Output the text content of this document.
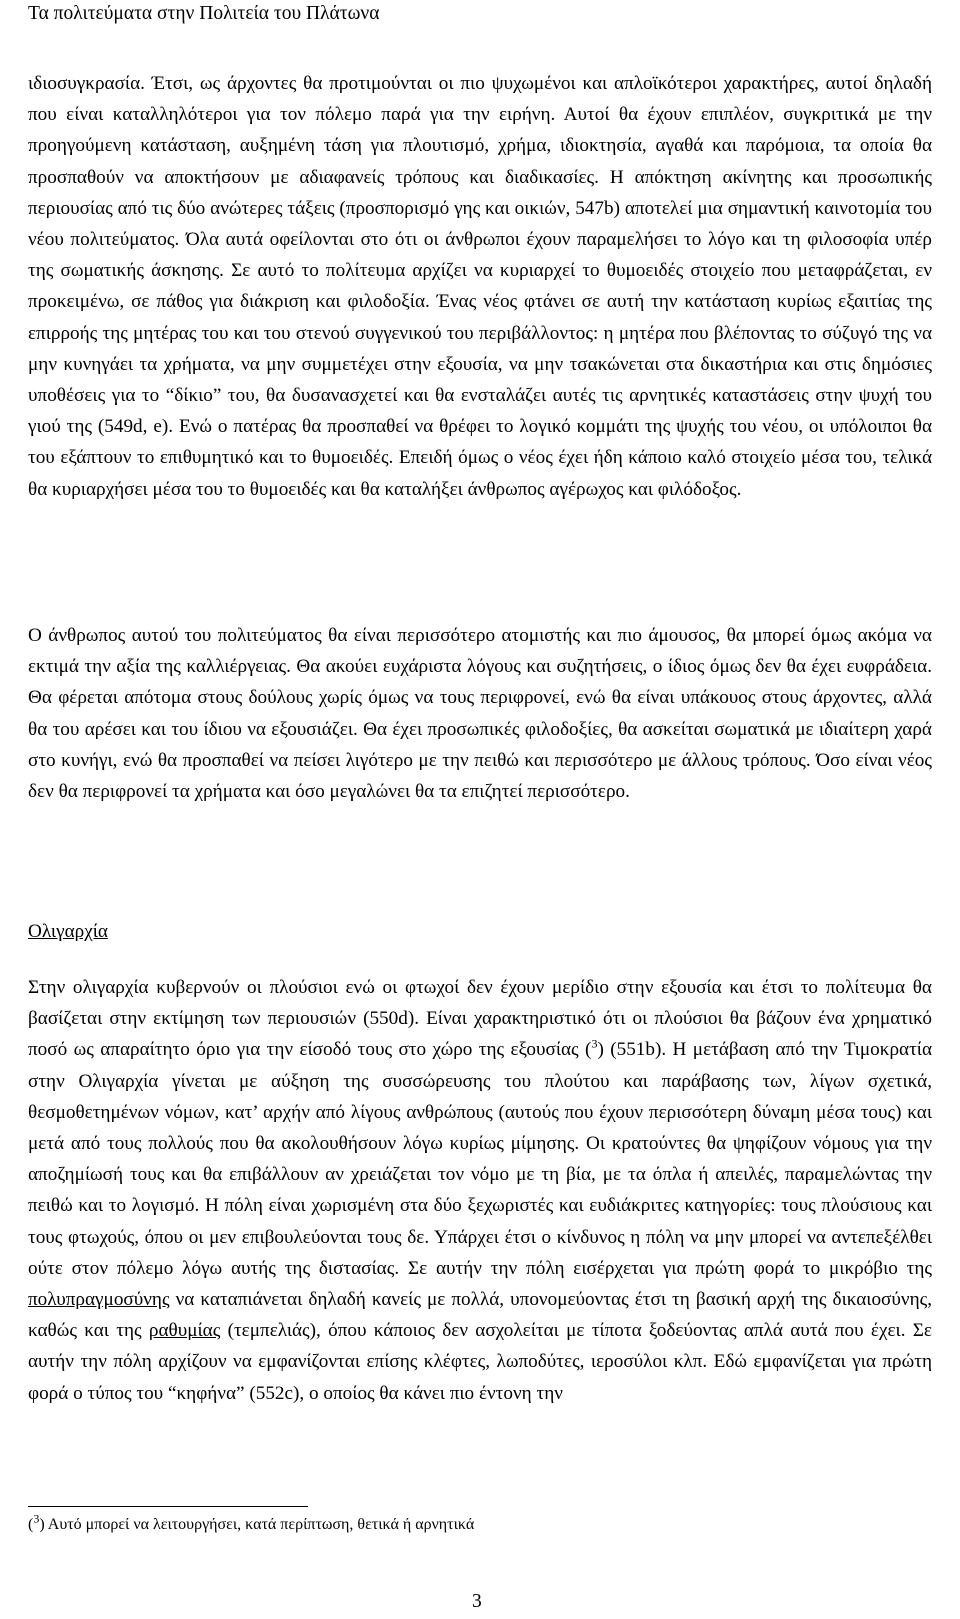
Τα πολιτεύματα στην Πολιτεία του Πλάτωνα

ιδιοσυγκρασία. Έτσι, ως άρχοντες θα προτιμούνται οι πιο ψυχωμένοι και απλοϊκότεροι χαρακτήρες, αυτοί δηλαδή που είναι καταλληλότεροι για τον πόλεμο παρά για την ειρήνη. Αυτοί θα έχουν επιπλέον, συγκριτικά με την προηγούμενη κατάσταση, αυξημένη τάση για πλουτισμό, χρήμα, ιδιοκτησία, αγαθά και παρόμοια, τα οποία θα προσπαθούν να αποκτήσουν με αδιαφανείς τρόπους και διαδικασίες. Η απόκτηση ακίνητης και προσωπικής περιουσίας από τις δύο ανώτερες τάξεις (προσπορισμό γης και οικιών, 547b) αποτελεί μια σημαντική καινοτομία του νέου πολιτεύματος. Όλα αυτά οφείλονται στο ότι οι άνθρωποι έχουν παραμελήσει το λόγο και τη φιλοσοφία υπέρ της σωματικής άσκησης. Σε αυτό το πολίτευμα αρχίζει να κυριαρχεί το θυμοειδές στοιχείο που μεταφράζεται, εν προκειμένω, σε πάθος για διάκριση και φιλοδοξία. Ένας νέος φτάνει σε αυτή την κατάσταση κυρίως εξαιτίας της επιρροής της μητέρας του και του στενού συγγενικού του περιβάλλοντος: η μητέρα που βλέποντας το σύζυγό της να μην κυνηγάει τα χρήματα, να μην συμμετέχει στην εξουσία, να μην τσακώνεται στα δικαστήρια και στις δημόσιες υποθέσεις για το “δίκιο” του, θα δυσανασχετεί και θα ενσταλάζει αυτές τις αρνητικές καταστάσεις στην ψυχή του γιού της (549d, e). Ενώ ο πατέρας θα προσπαθεί να θρέφει το λογικό κομμάτι της ψυχής του νέου, οι υπόλοιποι θα του εξάπτουν το επιθυμητικό και το θυμοειδές. Επειδή όμως ο νέος έχει ήδη κάποιο καλό στοιχείο μέσα του, τελικά θα κυριαρχήσει μέσα του το θυμοειδές και θα καταλήξει άνθρωπος αγέρωχος και φιλόδοξος.

Ο άνθρωπος αυτού του πολιτεύματος θα είναι περισσότερο ατομιστής και πιο άμουσος, θα μπορεί όμως ακόμα να εκτιμά την αξία της καλλιέργειας. Θα ακούει ευχάριστα λόγους και συζητήσεις, ο ίδιος όμως δεν θα έχει ευφράδεια. Θα φέρεται απότομα στους δούλους χωρίς όμως να τους περιφρονεί, ενώ θα είναι υπάκουος στους άρχοντες, αλλά θα του αρέσει και του ίδιου να εξουσιάζει. Θα έχει προσωπικές φιλοδοξίες, θα ασκείται σωματικά με ιδιαίτερη χαρά στο κυνήγι, ενώ θα προσπαθεί να πείσει λιγότερο με την πειθώ και περισσότερο με άλλους τρόπους. Όσο είναι νέος δεν θα περιφρονεί τα χρήματα και όσο μεγαλώνει θα τα επιζητεί περισσότερο.

Ολιγαρχία

Στην ολιγαρχία κυβερνούν οι πλούσιοι ενώ οι φτωχοί δεν έχουν μερίδιο στην εξουσία και έτσι το πολίτευμα θα βασίζεται στην εκτίμηση των περιουσιών (550d). Είναι χαρακτηριστικό ότι οι πλούσιοι θα βάζουν ένα χρηματικό ποσό ως απαραίτητο όριο για την είσοδό τους στο χώρο της εξουσίας ($^3$) (551b). Η μετάβαση από την Τιμοκρατία στην Ολιγαρχία γίνεται με αύξηση της συσσώρευσης του πλούτου και παράβασης των, λίγων σχετικά, θεσμοθετημένων νόμων, κατ’ αρχήν από λίγους ανθρώπους (αυτούς που έχουν περισσότερη δύναμη μέσα τους) και μετά από τους πολλούς που θα ακολουθήσουν λόγω κυρίως μίμησης. Οι κρατούντες θα ψηφίζουν νόμους για την αποζημίωσή τους και θα επιβάλλουν αν χρειάζεται τον νόμο με τη βία, με τα όπλα ή απειλές, παραμελώντας την πειθώ και το λογισμό. Η πόλη είναι χωρισμένη στα δύο ξεχωριστές και ευδιάκριτες κατηγορίες: τους πλούσιους και τους φτωχούς, όπου οι μεν επιβουλεύονται τους δε. Υπάρχει έτσι ο κίνδυνος η πόλη να μην μπορεί να αντεπεξέλθει ούτε στον πόλεμο λόγω αυτής της διστασίας. Σε αυτήν την πόλη εισέρχεται για πρώτη φορά το μικρόβιο της πολυπραγμοσύνης να καταπιάνεται δηλαδή κανείς με πολλά, υπονομεύοντας έτσι τη βασική αρχή της δικαιοσύνης, καθώς και της ραθυμίας (τεμπελιάς), όπου κάποιος δεν ασχολείται με τίποτα ξοδεύοντας απλά αυτά που έχει. Σε αυτήν την πόλη αρχίζουν να εμφανίζονται επίσης κλέφτες, λωποδύτες, ιεροσύλοι κλπ. Εδώ εμφανίζεται για πρώτη φορά ο τύπος του “κηφήνα” (552c), ο οποίος θα κάνει πιο έντονη την

($^3$) Αυτό μπορεί να λειτουργήσει, κατά περίπτωση, θετικά ή αρνητικά

3
